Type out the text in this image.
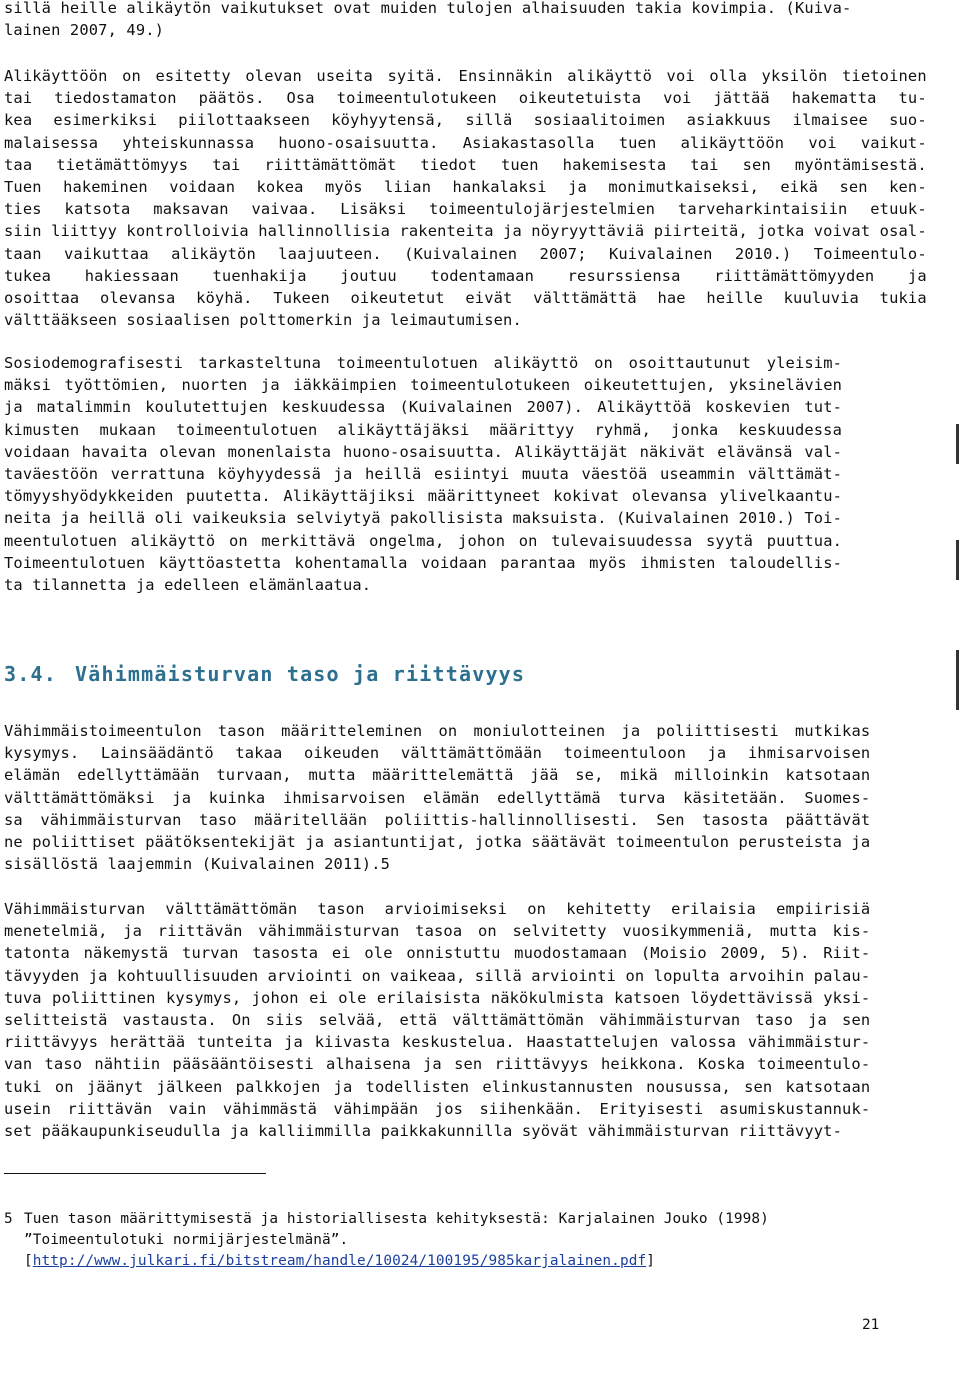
sillä heille alikäytön vaikutukset ovat muiden tulojen alhaisuuden takia kovimpia. (Kuiva-
lainen 2007, 49.)
Alikäyttöön on esitetty olevan useita syitä. Ensinnäkin alikäyttö voi olla yksilön tietoinen
tai tiedostamaton päätös. Osa toimeentulotukeen oikeutetuista voi jättää hakematta tu-
kea esimerkiksi piilottaakseen köyhyytensä, sillä sosiaalitoimen asiakkuus ilmaisee suo-
malaisessa yhteiskunnassa huono-osaisuutta. Asiakastasolla tuen alikäyttöön voi vaikut-
taa tietämättömyys tai riittämättömät tiedot tuen hakemisesta tai sen myöntämisestä.
Tuen hakeminen voidaan kokea myös liian hankalaksi ja monimutkaiseksi, eikä sen ken-
ties katsota maksavan vaivaa. Lisäksi toimeentulojärjestelmien tarveharkintaisiin etuuk-
siin liittyy kontrolloivia hallinnollisia rakenteita ja nöyryyttäviä piirteitä, jotka voivat osal-
taan vaikuttaa alikäytön laajuuteen. (Kuivalainen 2007; Kuivalainen 2010.) Toimeentulo-
tukea hakiessaan tuenhakija joutuu todentamaan resurssiensa riittämättömyyden ja
osoittaa olevansa köyhä. Tukeen oikeutetut eivät välttämättä hae heille kuuluvia tukia
välttääkseen sosiaalisen polttomerkin ja leimautumisen.
Sosiodemografisesti tarkasteltuna toimeentulotuen alikäyttö on osoittautunut yleisim-
mäksi työttömien, nuorten ja iäkkäimpien toimeentulotukeen oikeutettujen, yksinelävien
ja matalimmin koulutettujen keskuudessa (Kuivalainen 2007). Alikäyttöä koskevien tut-
kimusten mukaan toimeentulotuen alikäyttäjäksi määrittyy ryhmä, jonka keskuudessa
voidaan havaita olevan monenlaista huono-osaisuutta. Alikäyttäjät näkivät elävänsä val-
taväestöön verrattuna köyhyydessä ja heillä esiintyi muuta väestöä useammin välttämät-
tömyyshyödykkeiden puutetta. Alikäyttäjiksi määrittyneet kokivat olevansa ylivelkaantu-
neita ja heillä oli vaikeuksia selviytyä pakollisista maksuista. (Kuivalainen 2010.) Toi-
meentulotuen alikäyttö on merkittävä ongelma, johon on tulevaisuudessa syytä puuttua.
Toimeentulotuen käyttöastetta kohentamalla voidaan parantaa myös ihmisten taloudellis-
ta tilannetta ja edelleen elämänlaatua.
3.4. Vähimmäisturvan taso ja riittävyys
Vähimmäistoimeentulon tason määritteleminen on moniulotteinen ja poliittisesti mutkikas
kysymys. Lainsäädäntö takaa oikeuden välttämättömään toimeentuloon ja ihmisarvoisen
elämän edellyttämään turvaan, mutta määrittelemättä jää se, mikä milloinkin katsotaan
välttämättömäksi ja kuinka ihmisarvoisen elämän edellyttämä turva käsitetään. Suomes-
sa vähimmäisturvan taso määritellään poliittis-hallinnollisesti. Sen tasosta päättävät
ne poliittiset päätöksentekijät ja asiantuntijat, jotka säätävät toimeentulon perusteista ja
sisällöstä laajemmin (Kuivalainen 2011).5
Vähimmäisturvan välttämättömän tason arvioimiseksi on kehitetty erilaisia empiirisiä
menetelmiä, ja riittävän vähimmäisturvan tasoa on selvitetty vuosikymmeniä, mutta kis-
tatonta näkemystä turvan tasosta ei ole onnistuttu muodostamaan (Moisio 2009, 5). Riit-
tävyyden ja kohtuullisuuden arviointi on vaikeaa, sillä arviointi on lopulta arvoihin palau-
tuva poliittinen kysymys, johon ei ole erilaisista näkökulmista katsoen löydettävissä yksi-
selitteistä vastausta. On siis selvää, että välttämättömän vähimmäisturvan taso ja sen
riittävyys herättää tunteita ja kiivasta keskustelua. Haastattelujen valossa vähimmäistur-
van taso nähtiin pääsääntöisesti alhaisena ja sen riittävyys heikkona. Koska toimeentulo-
tuki on jäänyt jälkeen palkkojen ja todellisten elinkustannusten nousussa, sen katsotaan
usein riittävän vain vähimmästä vähimpään jos siihenkään. Erityisesti asumiskustannuk-
set pääkaupunkiseudulla ja kalliimmilla paikkakunnilla syövät vähimmäisturvan riittävyyt-
5 Tuen tason määrittymisestä ja historiallisesta kehityksestä: Karjalainen Jouko (1998)
”Toimeentulotuki normijärjestelmänä”.
[http://www.julkari.fi/bitstream/handle/10024/100195/985karjalainen.pdf]

21
